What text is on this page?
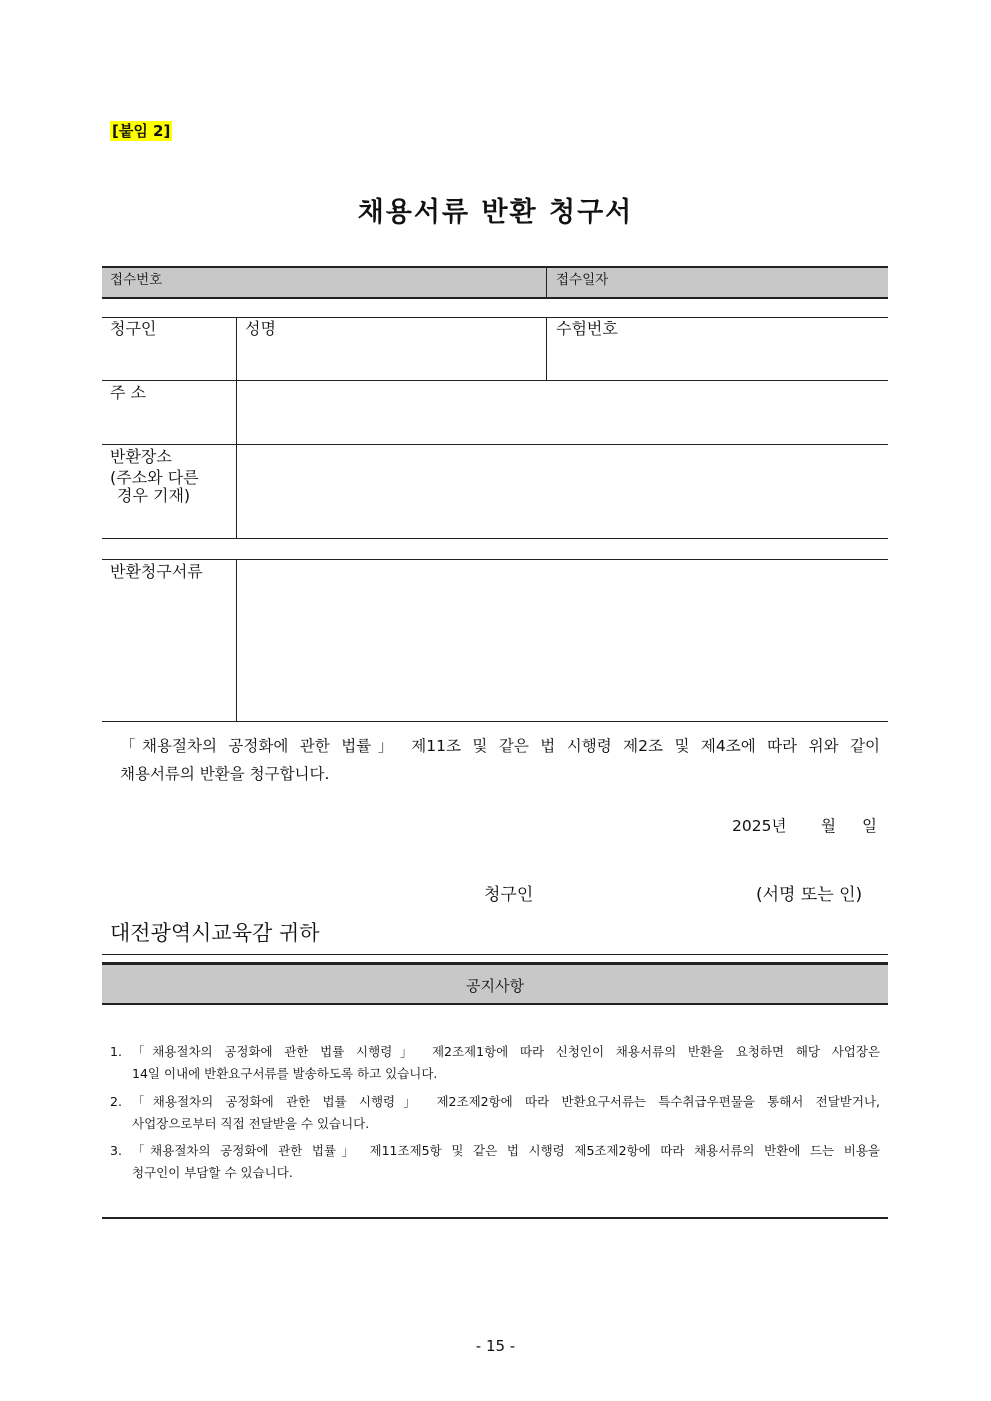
[붙임 2]
채용서류 반환 청구서
접수번호	접수일자
청구인	성명	수험번호
주 소
반환장소
(주소와 다른
경우 기재)
반환청구서류
「채용절차의 공정화에 관한 법률」 제11조 및 같은 법 시행령 제2조 및 제4조에 따라 위와 같이
채용서류의 반환을 청구합니다.
2025년 월 일
청구인	(서명 또는 인)
대전광역시교육감 귀하
공지사항
1. 「채용절차의 공정화에 관한 법률 시행령」 제2조제1항에 따라 신청인이 채용서류의 반환을 요청하면 해당 사업장은
14일 이내에 반환요구서류를 발송하도록 하고 있습니다.
2. 「채용절차의 공정화에 관한 법률 시행령」 제2조제2항에 따라 반환요구서류는 특수취급우편물을 통해서 전달받거나,
사업장으로부터 직접 전달받을 수 있습니다.
3. 「채용절차의 공정화에 관한 법률」 제11조제5항 및 같은 법 시행령 제5조제2항에 따라 채용서류의 반환에 드는 비용을
청구인이 부담할 수 있습니다.
- 15 -
